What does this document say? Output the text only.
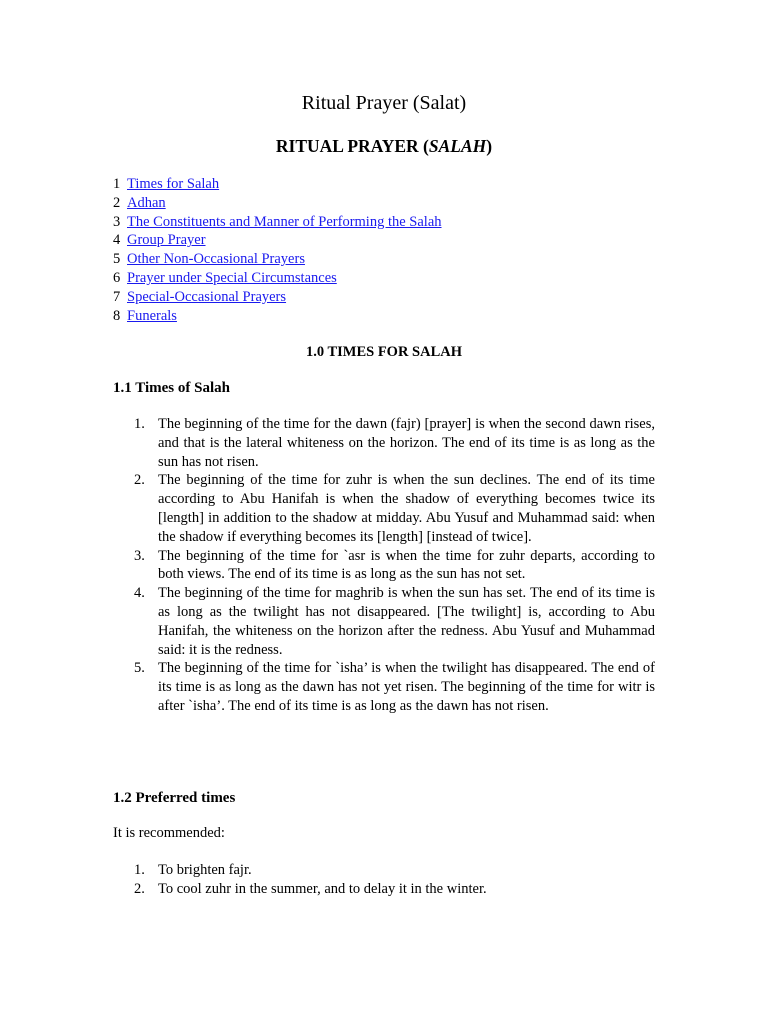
Ritual Prayer (Salat)
RITUAL PRAYER (SALAH)
1 Times for Salah
2 Adhan
3 The Constituents and Manner of Performing the Salah
4 Group Prayer
5 Other Non-Occasional Prayers
6 Prayer under Special Circumstances
7 Special-Occasional Prayers
8 Funerals
1.0 TIMES FOR SALAH
1.1 Times of Salah
1. The beginning of the time for the dawn (fajr) [prayer] is when the second dawn rises, and that is the lateral whiteness on the horizon. The end of its time is as long as the sun has not risen.
2. The beginning of the time for zuhr is when the sun declines. The end of its time according to Abu Hanifah is when the shadow of everything becomes twice its [length] in addition to the shadow at midday. Abu Yusuf and Muhammad said: when the shadow if everything becomes its [length] [instead of twice].
3. The beginning of the time for `asr is when the time for zuhr departs, according to both views. The end of its time is as long as the sun has not set.
4. The beginning of the time for maghrib is when the sun has set. The end of its time is as long as the twilight has not disappeared. [The twilight] is, according to Abu Hanifah, the whiteness on the horizon after the redness. Abu Yusuf and Muhammad said: it is the redness.
5. The beginning of the time for `isha’ is when the twilight has disappeared. The end of its time is as long as the dawn has not yet risen. The beginning of the time for witr is after `isha’. The end of its time is as long as the dawn has not risen.
1.2 Preferred times
It is recommended:
1. To brighten fajr.
2. To cool zuhr in the summer, and to delay it in the winter.
